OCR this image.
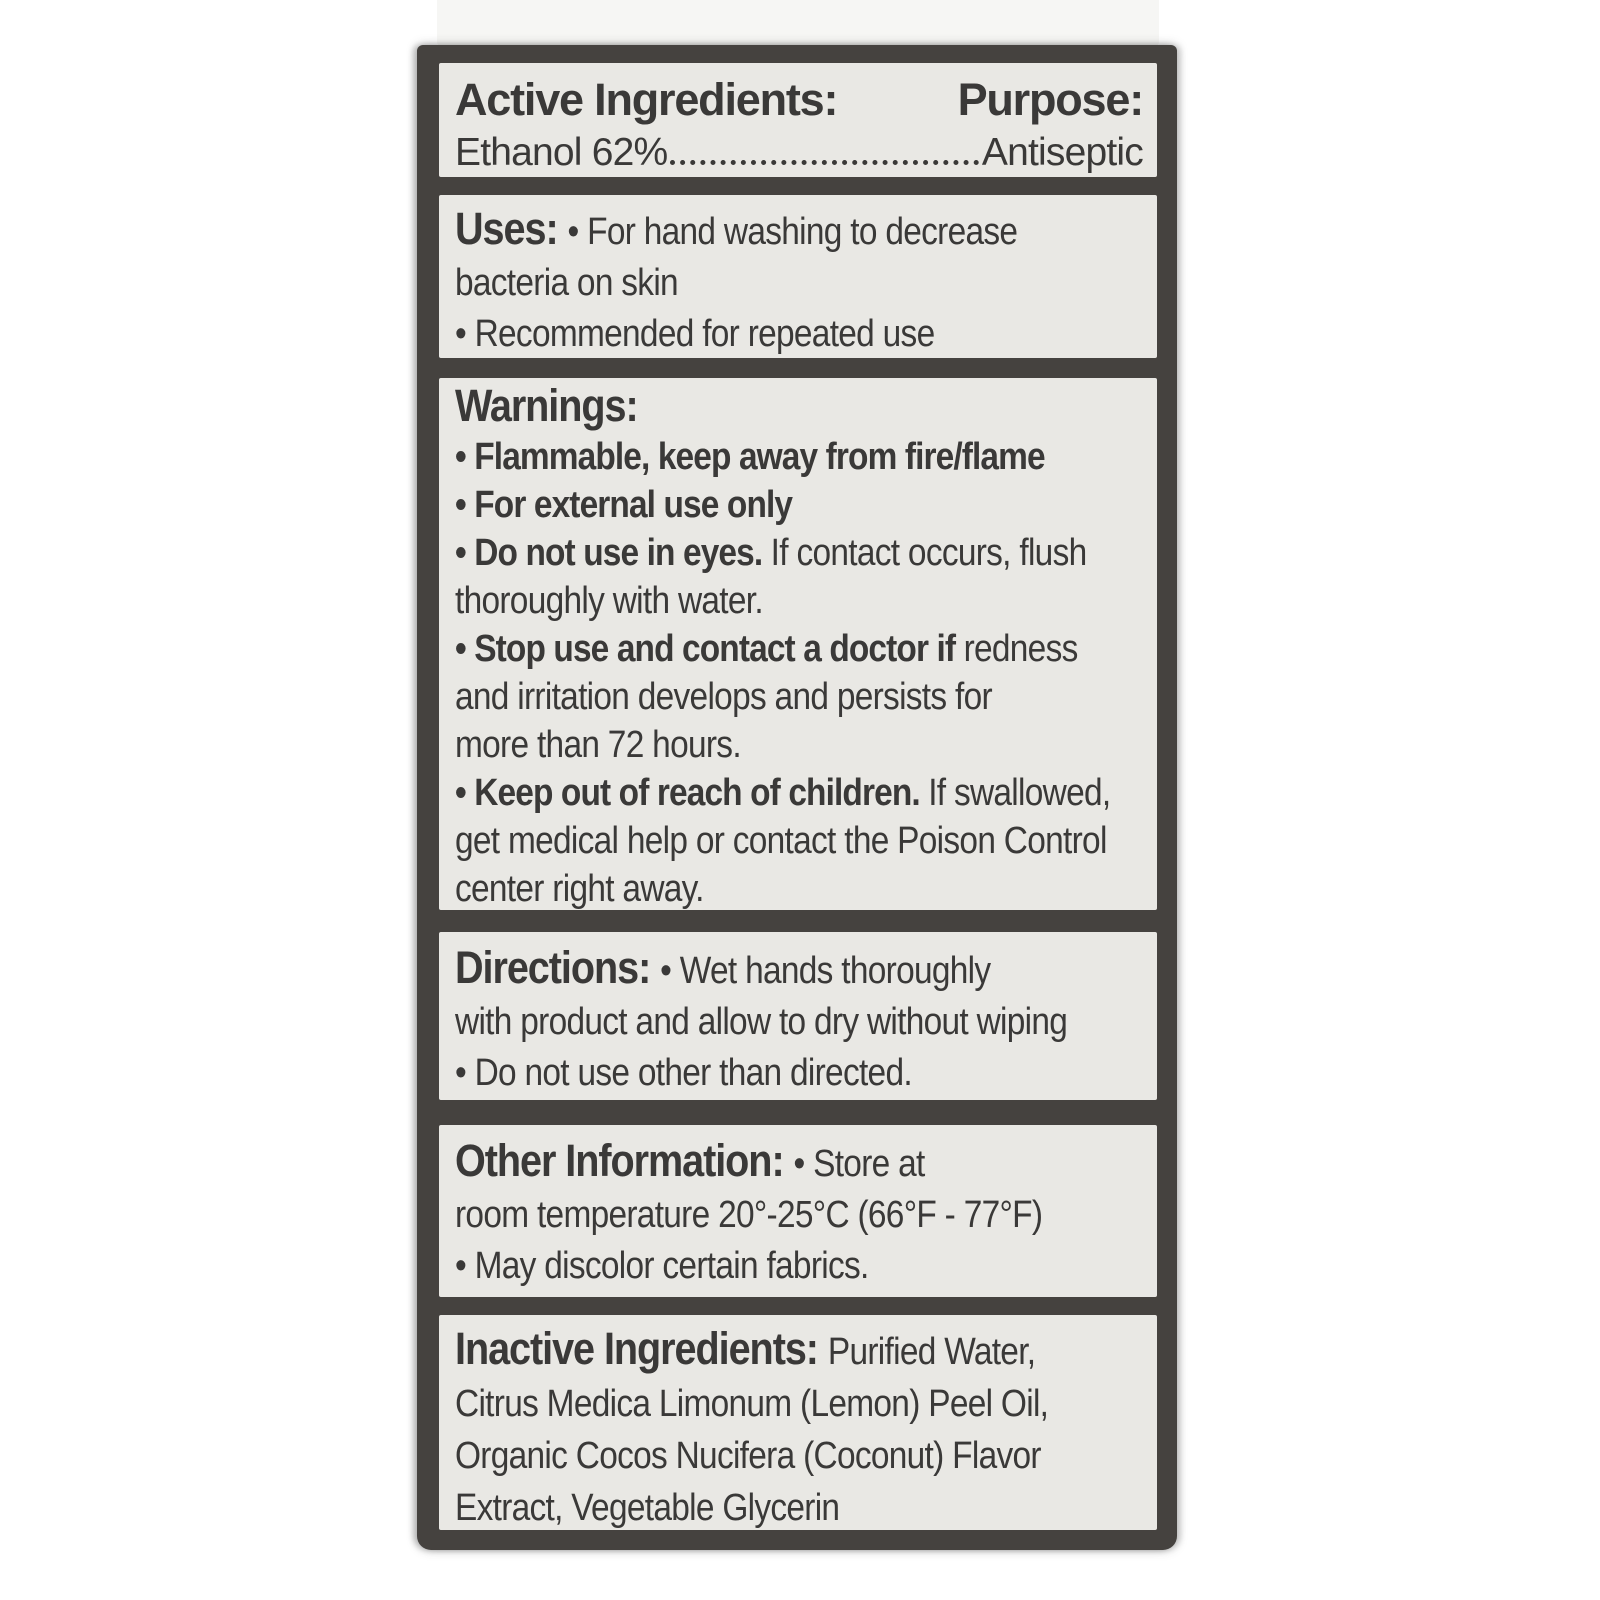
Active Ingredients:	Purpose:
Ethanol 62%	Antiseptic
Uses: • For hand washing to decrease
bacteria on skin
• Recommended for repeated use
Warnings:
• Flammable, keep away from fire/flame
• For external use only
• Do not use in eyes. If contact occurs, flush
thoroughly with water.
• Stop use and contact a doctor if redness
and irritation develops and persists for
more than 72 hours.
• Keep out of reach of children. If swallowed,
get medical help or contact the Poison Control
center right away.
Directions: • Wet hands thoroughly
with product and allow to dry without wiping
• Do not use other than directed.
Other Information: • Store at
room temperature 20°-25°C (66°F - 77°F)
• May discolor certain fabrics.
Inactive Ingredients: Purified Water,
Citrus Medica Limonum (Lemon) Peel Oil,
Organic Cocos Nucifera (Coconut) Flavor
Extract, Vegetable Glycerin
